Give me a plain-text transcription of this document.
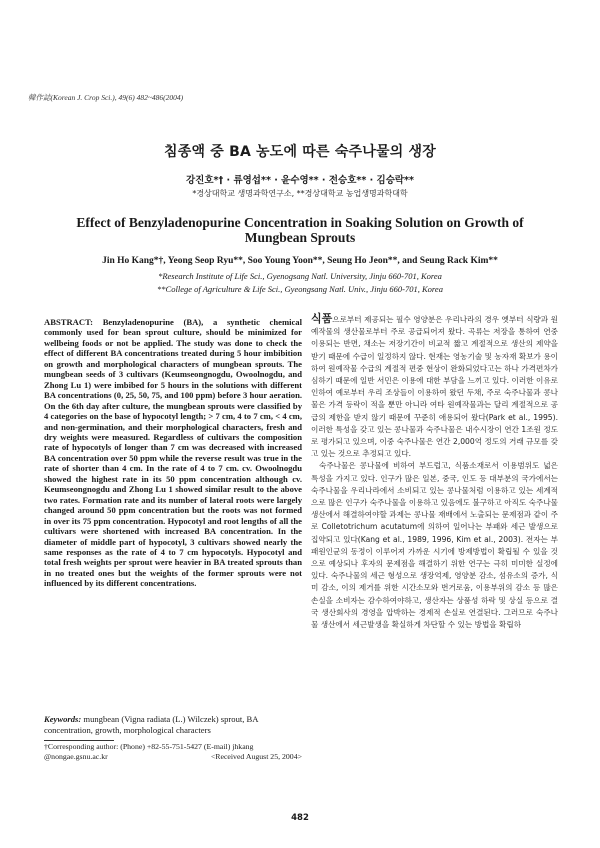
韓作誌(Korean J. Crop Sci.), 49(6) 482~486(2004)
침종액 중 BA 농도에 따른 숙주나물의 생장
강진호*† · 류영섭** · 윤수영** · 전승호** · 김승락**
*경상대학교 생명과학연구소, **경상대학교 농업생명과학대학
Effect of Benzyladenopurine Concentration in Soaking Solution on Growth of Mungbean Sprouts
Jin Ho Kang*†, Yeong Seop Ryu**, Soo Young Yoon**, Seung Ho Jeon**, and Seung Rack Kim**
*Research Institute of Life Sci., Gyenogsang Natl. University, Jinju 660-701, Korea
**College of Agriculture & Life Sci., Gyeongsang Natl. Univ., Jinju 660-701, Korea
ABSTRACT: Benzyladenopurine (BA), a synthetic chemical commonly used for bean sprout culture, should be minimized for wellbeing foods or not be applied. The study was done to check the effect of different BA concentrations treated during 5 hour imbibition on growth and morphological characters of mungbean sprouts. The mungbean seeds of 3 cultivars (Keumseongnogdu, Owoolnogdu, and Zhong Lu 1) were imbibed for 5 hours in the solutions with different BA concentrations (0, 25, 50, 75, and 100 ppm) before 3 hour aeration. On the 6th day after culture, the mungbean sprouts were classified by 4 categories on the base of hypocotyl length; > 7 cm, 4 to 7 cm, < 4 cm, and non-germination, and their morphological characters, fresh and dry weights were measured. Regardless of cultivars the composition rate of hypocotyls of longer than 7 cm was decreased with increased BA concentration over 50 ppm while the reverse result was true in the rate of shorter than 4 cm. In the rate of 4 to 7 cm. cv. Owoolnogdu showed the highest rate in its 50 ppm concentration although cv. Keumseongnogdu and Zhong Lu 1 showed similar result to the above two rates. Formation rate and its number of lateral roots were largely changed around 50 ppm concentration but the roots was not formed in over its 75 ppm concentration. Hypocotyl and root lengths of all the cultivars were shortened with increased BA concentration. In the diameter of middle part of hypocotyl, 3 cultivars showed nearly the same responses as the rate of 4 to 7 cm hypocotyls. Hypocotyl and total fresh weights per sprout were heavier in BA treated sprouts than in no treated ones but the weights of the former sprouts were not influenced by its different concentrations.
Keywords: mungbean (Vigna radiata (L.) Wilczek) sprout, BA concentration, growth, morphological characters
†Corresponding author: (Phone) +82-55-751-5427 (E-mail) jhkang
@nongae.gsnu.ac.kr	<Received August 25, 2004>

식품으로부터 제공되는 필수 영양분은 우리나라의 경우 옛부터 식량과 원예작물의 생산물로부터 주로 공급되어져 왔다. 곡류는 저장을 통하여 연중 이용되는 반면, 채소는 저장기간이 비교적 짧고 계절적으로 생산의 제약을 받기 때문에 수급이 일정하지 않다. 현재는 영농기술 및 농자재 확보가 용이하여 원예작물 수급의 계절적 편중 현상이 완화되었다고는 하나 가격편차가 심하기 때문에 일반 서민은 이용에 대한 부담을 느끼고 있다. 이러한 이유로 인하여 예로부터 우리 조상들이 이용하여 왔던 두채, 주로 숙주나물과 콩나물은 가격 등락이 적을 뿐만 아니라 여타 원예작물과는 달리 계절적으로 공급의 제한을 받지 않기 때문에 꾸준히 애용되어 왔다(Park et al., 1995). 이러한 특성을 갖고 있는 콩나물과 숙주나물은 내수시장이 연간 1조원 정도로 평가되고 있으며, 이중 숙주나물은 연간 2,000억 정도의 거래 규모를 갖고 있는 것으로 추정되고 있다.

숙주나물은 콩나물에 비하여 부드럽고, 식품소재로서 이용범위도 넓은 특성을 가지고 있다. 인구가 많은 일본, 중국, 인도 등 대부분의 국가에서는 숙주나물을 우리나라에서 소비되고 있는 콩나물처럼 이용하고 있는 세계적으로 많은 인구가 숙주나물을 이용하고 있음에도 불구하고 아직도 숙주나물 생산에서 해결하여야할 과제는 콩나물 재배에서 노출되는 문제점과 같이 주로 Colletotrichum acutatum에 의하여 일어나는 부패와 세근 발생으로 집약되고 있다(Kang et al., 1989, 1996, Kim et al., 2003). 전자는 부패원인균의 동정이 이루어져 가까운 시기에 방제방법이 확립될 수 있을 것으로 예상되나 후자의 문제점을 해결하기 위한 연구는 극히 미미한 실정에 있다. 숙주나물의 세근 형성으로 생장억제, 영양분 감소, 섬유소의 증가, 식미 감소, 이의 제거를 위한 시간소모와 번거로움, 이용부위의 감소 등 많은 손실을 소비자는 감수하여야하고, 생산자는 상품성 하락 및 상실 등으로 결국 생산회사의 경영을 압박하는 경제적 손실로 연결된다. 그러므로 숙주나물 생산에서 세근발생을 확실하게 차단할 수 있는 방법을 확립하

482
